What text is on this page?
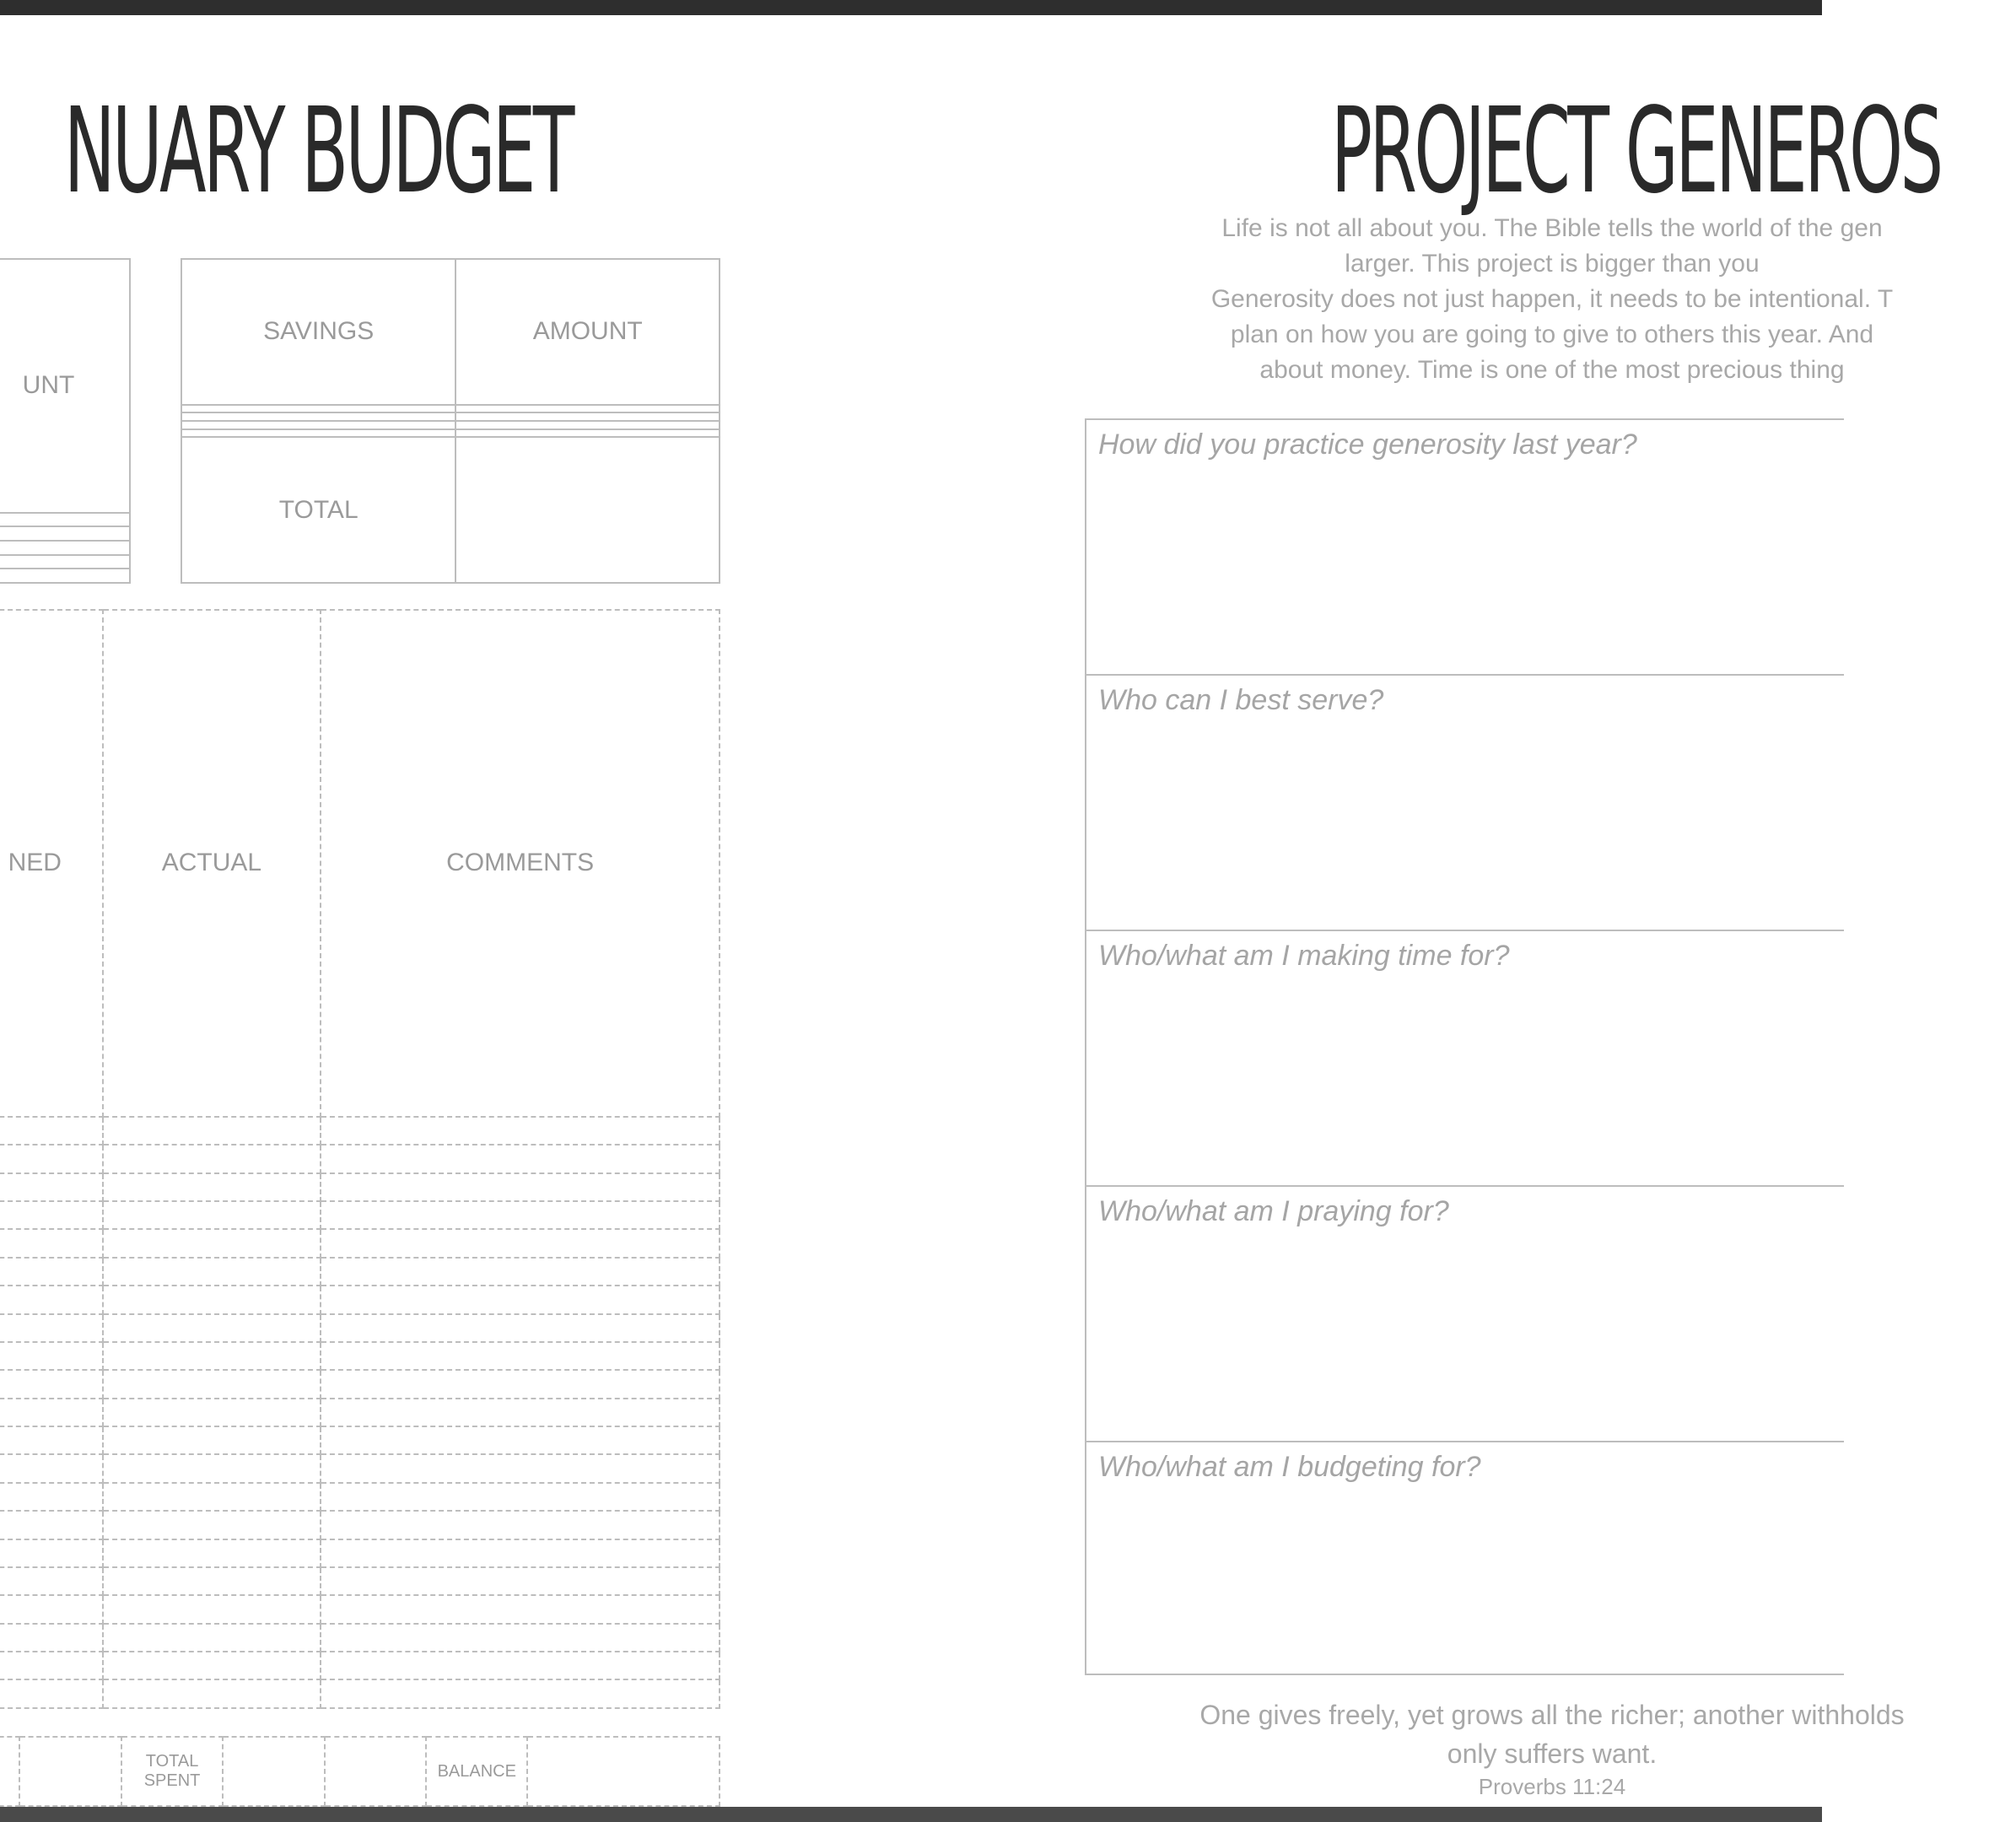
NUARY BUDGET
UNT

SAVINGS	AMOUNT

TOTAL	
NED	ACTUAL	COMMENTS

		TOTAL SPENT			BALANCE	
PROJECT GENEROS

Life is not all about you. The Bible tells the world of the gen

larger. This project is bigger than you

Generosity does not just happen, it needs to be intentional. T

plan on how you are going to give to others this year. And

about money. Time is one of the most precious thing

How did you practice generosity last year?
Who can I best serve?
Who/what am I making time for?
Who/what am I praying for?
Who/what am I budgeting for?

One gives freely, yet grows all the richer; another withholds

only suffers want.

Proverbs 11:24
